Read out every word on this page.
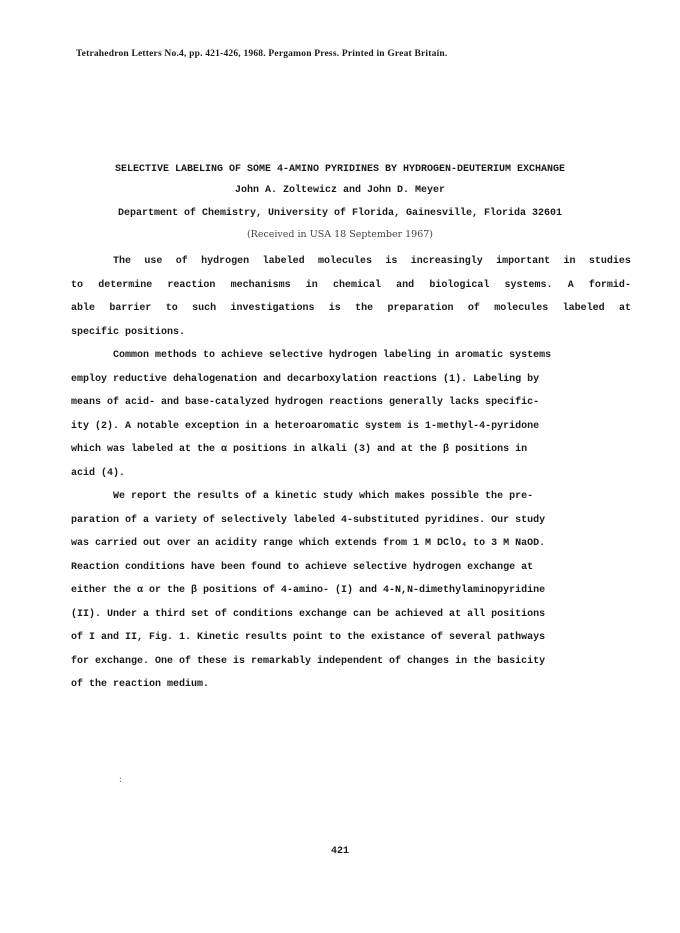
Tetrahedron Letters No.4, pp. 421-426, 1968. Pergamon Press. Printed in Great Britain.
SELECTIVE LABELING OF SOME 4-AMINO PYRIDINES BY HYDROGEN-DEUTERIUM EXCHANGE
John A. Zoltewicz and John D. Meyer
Department of Chemistry, University of Florida, Gainesville, Florida 32601
(Received in USA 18 September 1967)
The use of hydrogen labeled molecules is increasingly important in studies
to determine reaction mechanisms in chemical and biological systems. A formid-
able barrier to such investigations is the preparation of molecules labeled at
specific positions.
Common methods to achieve selective hydrogen labeling in aromatic systems
employ reductive dehalogenation and decarboxylation reactions (1). Labeling by
means of acid- and base-catalyzed hydrogen reactions generally lacks specific-
ity (2). A notable exception in a heteroaromatic system is 1-methyl-4-pyridone
which was labeled at the α positions in alkali (3) and at the β positions in
acid (4).
We report the results of a kinetic study which makes possible the pre-
paration of a variety of selectively labeled 4-substituted pyridines. Our study
was carried out over an acidity range which extends from 1 M DClO₄ to 3 M NaOD.
Reaction conditions have been found to achieve selective hydrogen exchange at
either the α or the β positions of 4-amino- (I) and 4-N,N-dimethylaminopyridine
(II). Under a third set of conditions exchange can be achieved at all positions
of I and II, Fig. 1. Kinetic results point to the existance of several pathways
for exchange. One of these is remarkably independent of changes in the basicity
of the reaction medium.
:
421
